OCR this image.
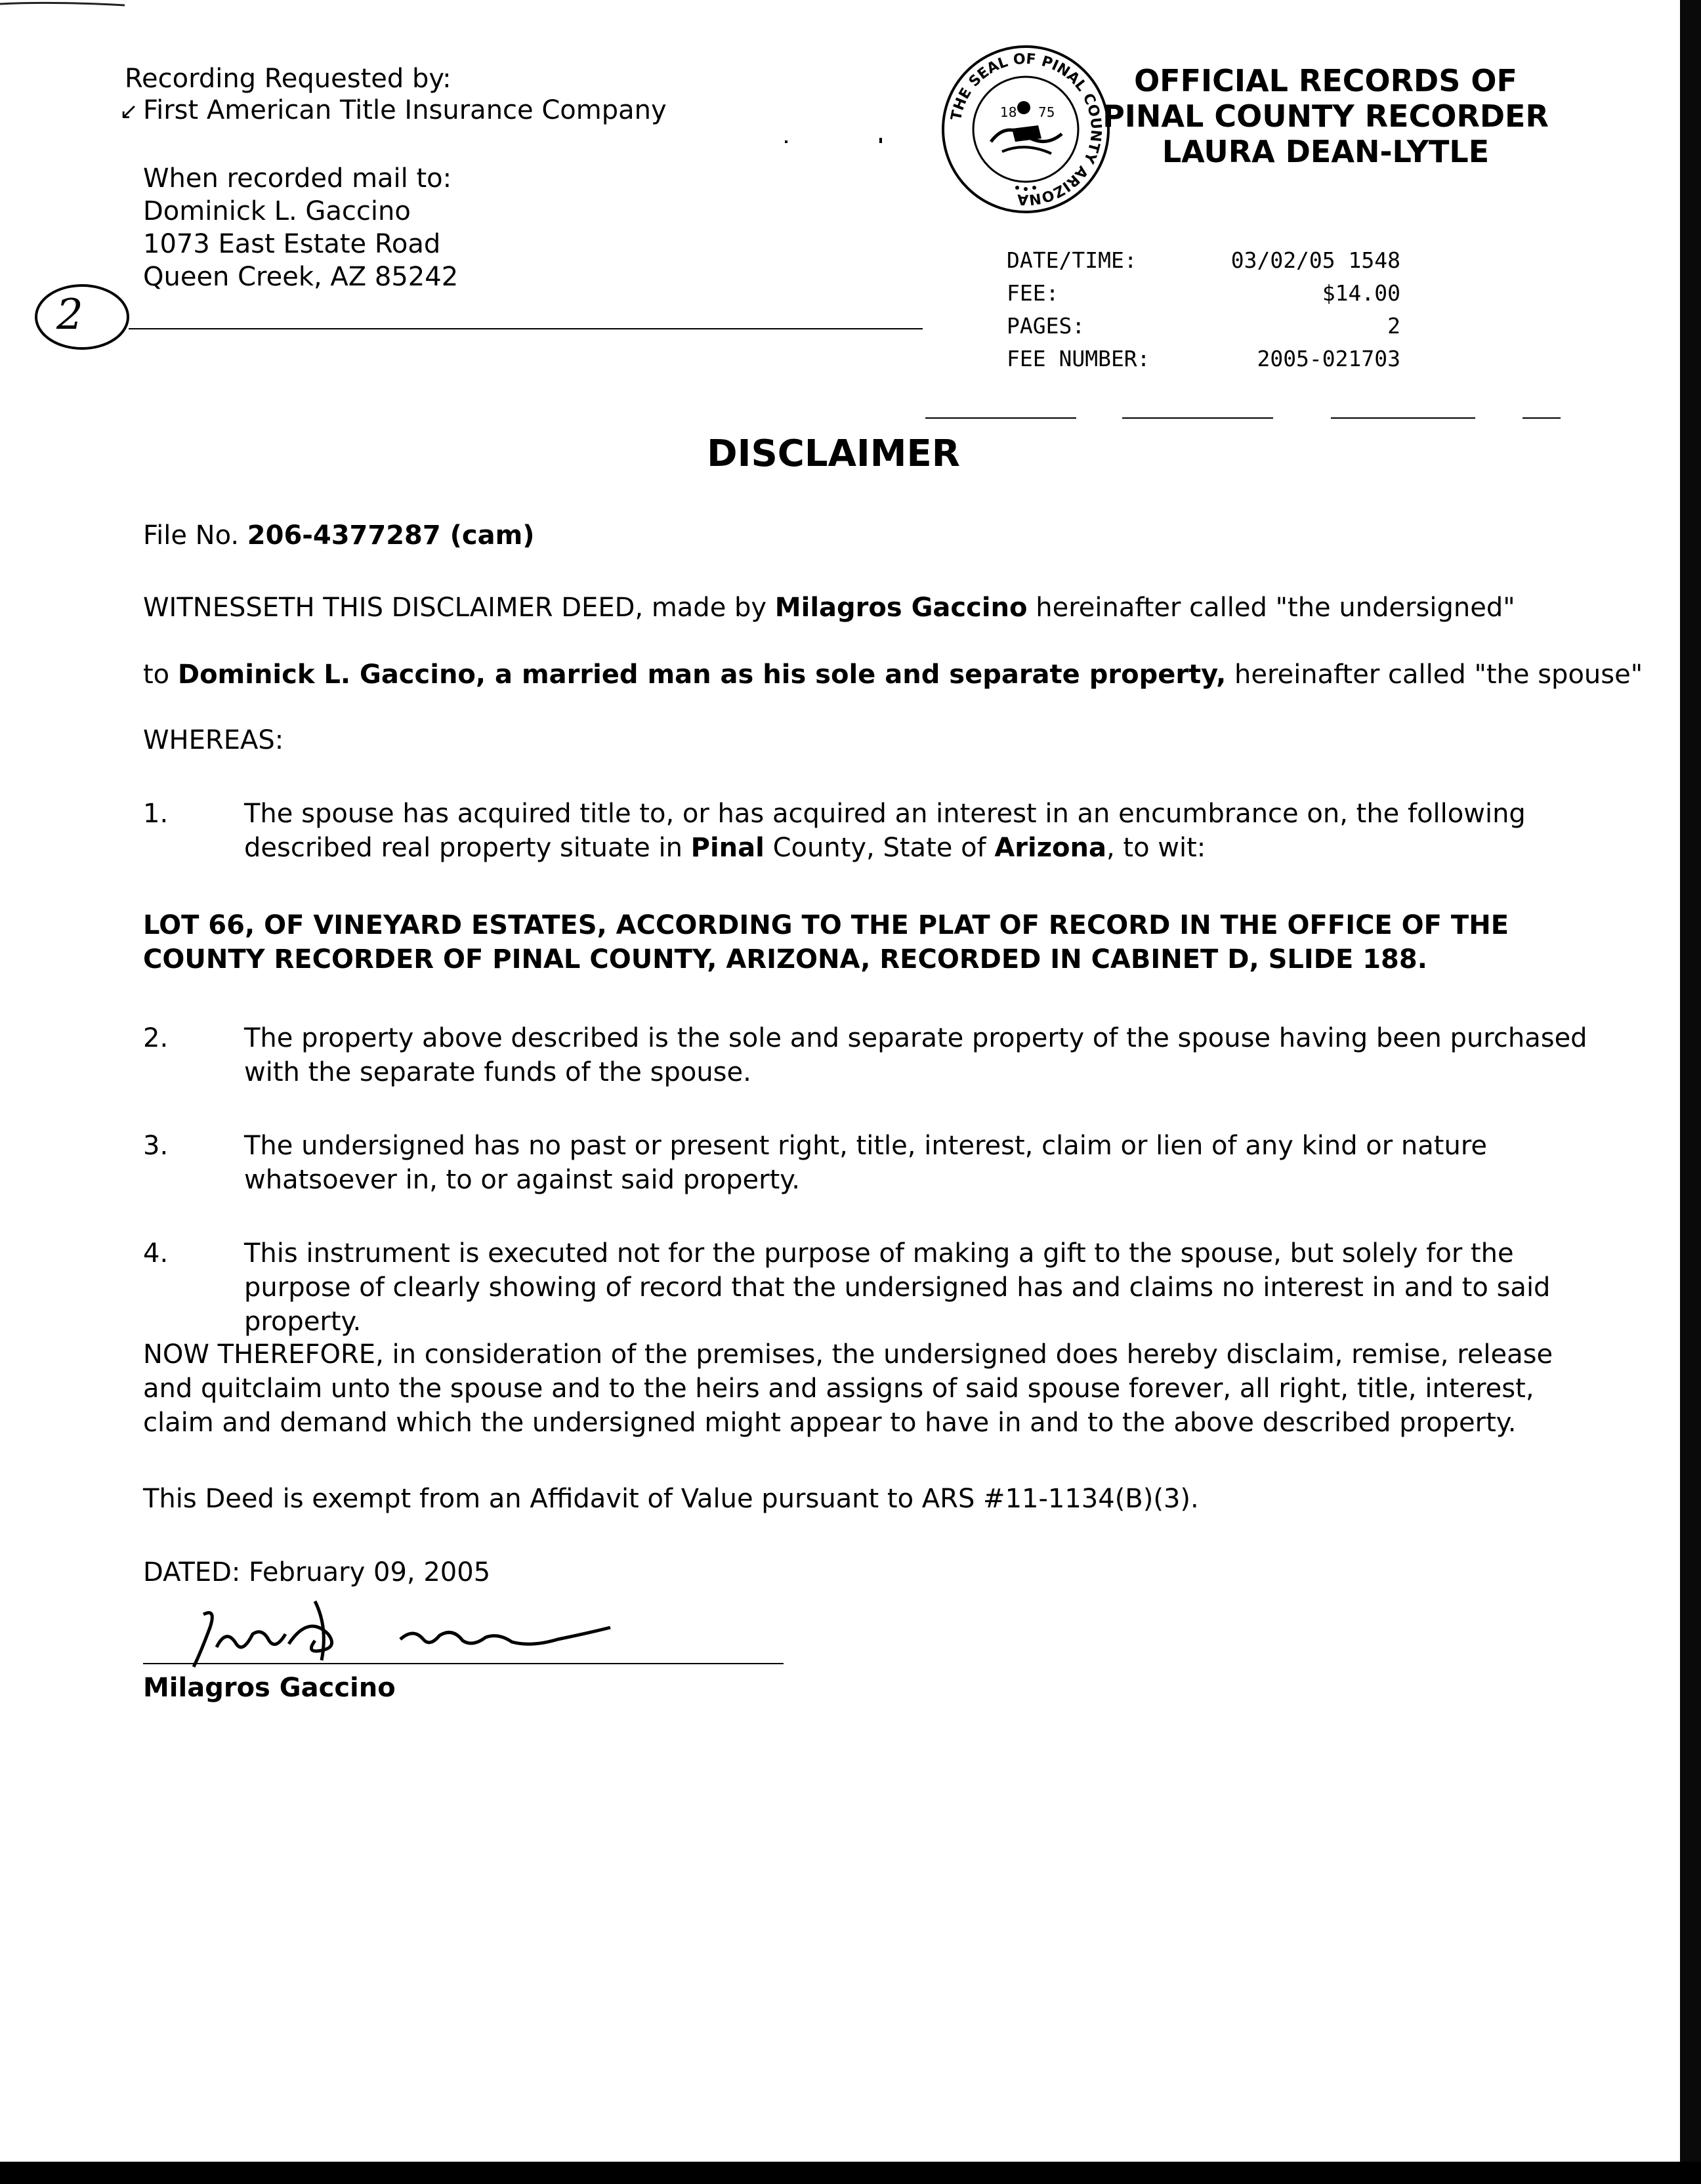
Recording Requested by:
↙ First American Title Insurance Company
When recorded mail to:
Dominick L. Gaccino
1073 East Estate Road
Queen Creek, AZ 85242
2
THE SEAL OF PINAL COUNTY ARIZONA
18 75
OFFICIAL RECORDS OF
PINAL COUNTY RECORDER
LAURA DEAN-LYTLE
DATE/TIME:	03/02/05 1548
FEE:	$14.00
PAGES:	2
FEE NUMBER:	2005-021703
DISCLAIMER
File No. 206-4377287 (cam)
WITNESSETH THIS DISCLAIMER DEED, made by Milagros Gaccino hereinafter called "the undersigned"
to Dominick L. Gaccino, a married man as his sole and separate property, hereinafter called "the spouse"
WHEREAS:
1.	The spouse has acquired title to, or has acquired an interest in an encumbrance on, the following described real property situate in Pinal County, State of Arizona, to wit:
LOT 66, OF VINEYARD ESTATES, ACCORDING TO THE PLAT OF RECORD IN THE OFFICE OF THE
COUNTY RECORDER OF PINAL COUNTY, ARIZONA, RECORDED IN CABINET D, SLIDE 188.
2.	The property above described is the sole and separate property of the spouse having been purchased with the separate funds of the spouse.
3.	The undersigned has no past or present right, title, interest, claim or lien of any kind or nature whatsoever in, to or against said property.
4.	This instrument is executed not for the purpose of making a gift to the spouse, but solely for the purpose of clearly showing of record that the undersigned has and claims no interest in and to said property.
NOW THEREFORE, in consideration of the premises, the undersigned does hereby disclaim, remise, release and quitclaim unto the spouse and to the heirs and assigns of said spouse forever, all right, title, interest, claim and demand which the undersigned might appear to have in and to the above described property.
This Deed is exempt from an Affidavit of Value pursuant to ARS #11-1134(B)(3).
DATED: February 09, 2005
Milagros Gaccino
